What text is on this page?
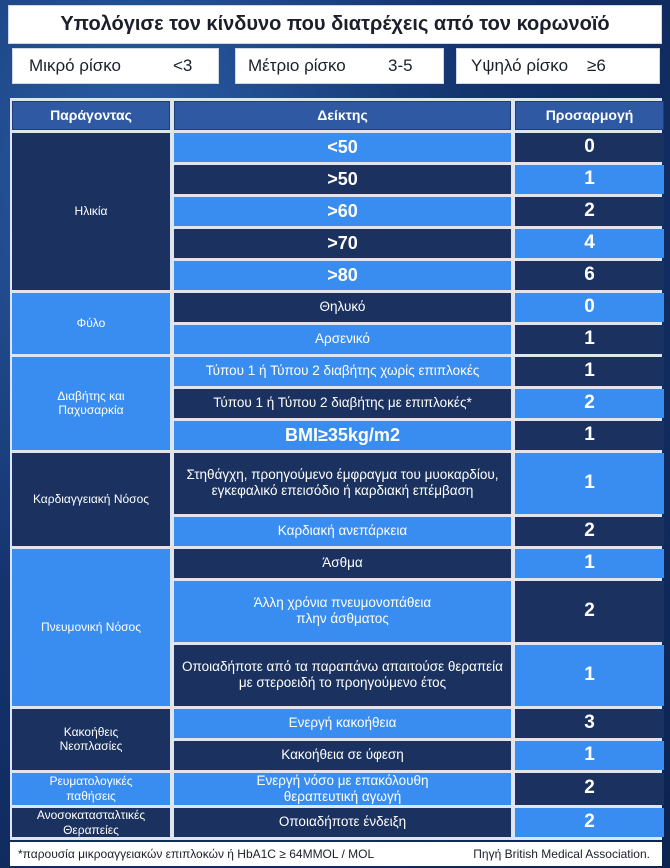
Υπολόγισε τον κίνδυνο που διατρέχεις από τον κορωνοϊό
Μικρό ρίσκο	<3	Μέτριο ρίσκο 3-5	Υψηλό ρίσκο ≥6
Παράγοντας	Δείκτης	Προσαρμογή
Ηλικία
<50	0
>50	1
>60	2
>70	4
>80	6
Φύλο
Θηλυκό	0
Αρσενικό	1
Διαβήτης και Παχυσαρκία
Τύπου 1 ή Τύπου 2 διαβήτης χωρίς επιπλοκές	1
Τύπου 1 ή Τύπου 2 διαβήτης με επιπλοκές*	2
BMI≥35kg/m2	1
Καρδιαγγειακή Νόσος
Στηθάγχη, προηγούμενο έμφραγμα του μυοκαρδίου, εγκεφαλικό επεισόδιο ή καρδιακή επέμβαση	1
Καρδιακή ανεπάρκεια	2
Πνευμονική Νόσος
Άσθμα	1
Άλλη χρόνια πνευμονοπάθεια πλην άσθματος	2
Οποιαδήποτε από τα παραπάνω απαιτούσε θεραπεία με στεροειδή το προηγούμενο έτος	1
Κακοήθεις Νεοπλασίες
Ενεργή κακοήθεια	3
Κακοήθεια σε ύφεση	1
Ρευματολογικές παθήσεις
Ενεργή νόσο με επακόλουθη θεραπευτική αγωγή	2
Ανοσοκατασταλτικές Θεραπείες
Οποιαδήποτε ένδειξη	2
*παρουσία μικροαγγειακών επιπλοκών ή HbA1C ≥ 64MMOL / MOL	Πηγή British Medical Association.
